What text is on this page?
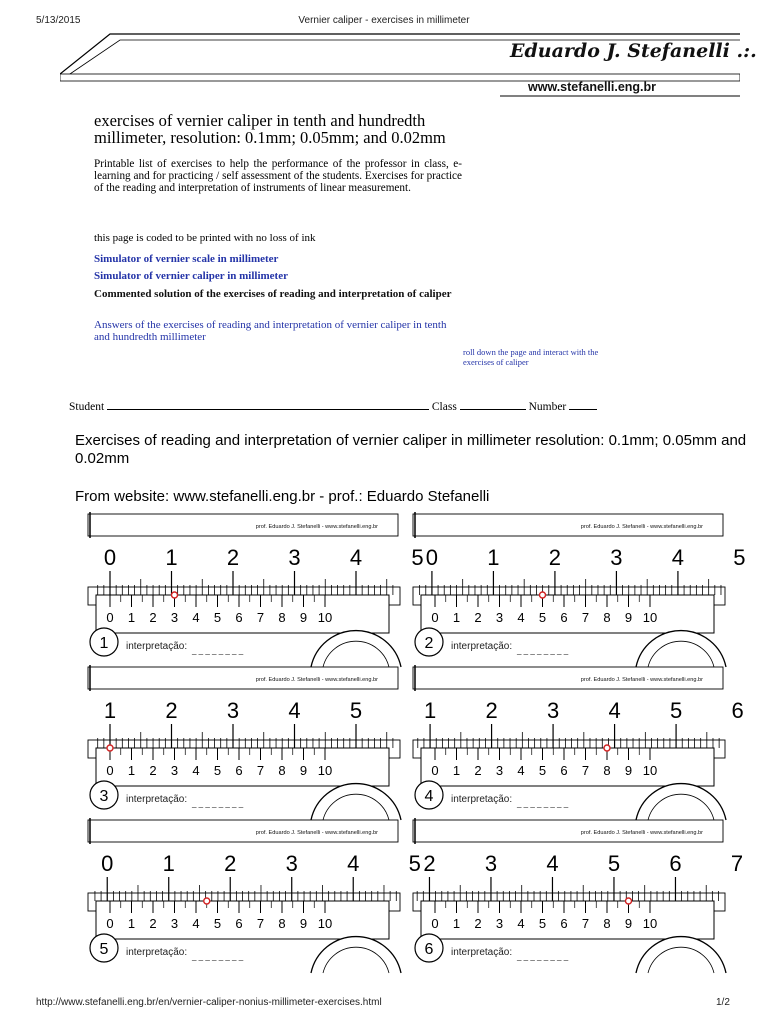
5/13/2015	Vernier caliper - exercises in millimeter
Eduardo J. Stefanelli .:.
www.stefanelli.eng.br
exercises of vernier caliper in tenth and hundredth millimeter, resolution: 0.1mm; 0.05mm; and 0.02mm
Printable list of exercises to help the performance of the professor in class, e-learning and for practicing / self assessment of the students. Exercises for practice of the reading and interpretation of instruments of linear measurement.
this page is coded to be printed with no loss of ink
Simulator of vernier scale in millimeter
Simulator of vernier caliper in millimeter
Commented solution of the exercises of reading and interpretation of caliper
Answers of the exercises of reading and interpretation of vernier caliper in tenth and hundredth millimeter
roll down the page and interact with the exercises of caliper
Student	Class	Number
Exercises of reading and interpretation of vernier caliper in millimeter resolution: 0.1mm; 0.05mm and 0.02mm
From website: www.stefanelli.eng.br - prof.: Eduardo Stefanelli
prof. Eduardo J. Stefanelli - www.stefanelli.eng.br
0 1 2 3 4 5
0 1 2 3 4 5 6 7 8 9 10
1 interpretação: _ _ _ _ _ _ _ _
prof. Eduardo J. Stefanelli - www.stefanelli.eng.br
0 1 2 3 4 5
0 1 2 3 4 5 6 7 8 9 10
2 interpretação: _ _ _ _ _ _ _ _
prof. Eduardo J. Stefanelli - www.stefanelli.eng.br
1 2 3 4 5
0 1 2 3 4 5 6 7 8 9 10
3 interpretação: _ _ _ _ _ _ _ _
prof. Eduardo J. Stefanelli - www.stefanelli.eng.br
1 2 3 4 5 6
0 1 2 3 4 5 6 7 8 9 10
4 interpretação: _ _ _ _ _ _ _ _
prof. Eduardo J. Stefanelli - www.stefanelli.eng.br
0 1 2 3 4 5
0 1 2 3 4 5 6 7 8 9 10
5 interpretação: _ _ _ _ _ _ _ _
prof. Eduardo J. Stefanelli - www.stefanelli.eng.br
2 3 4 5 6 7
0 1 2 3 4 5 6 7 8 9 10
6 interpretação: _ _ _ _ _ _ _ _
http://www.stefanelli.eng.br/en/vernier-caliper-nonius-millimeter-exercises.html	1/2
